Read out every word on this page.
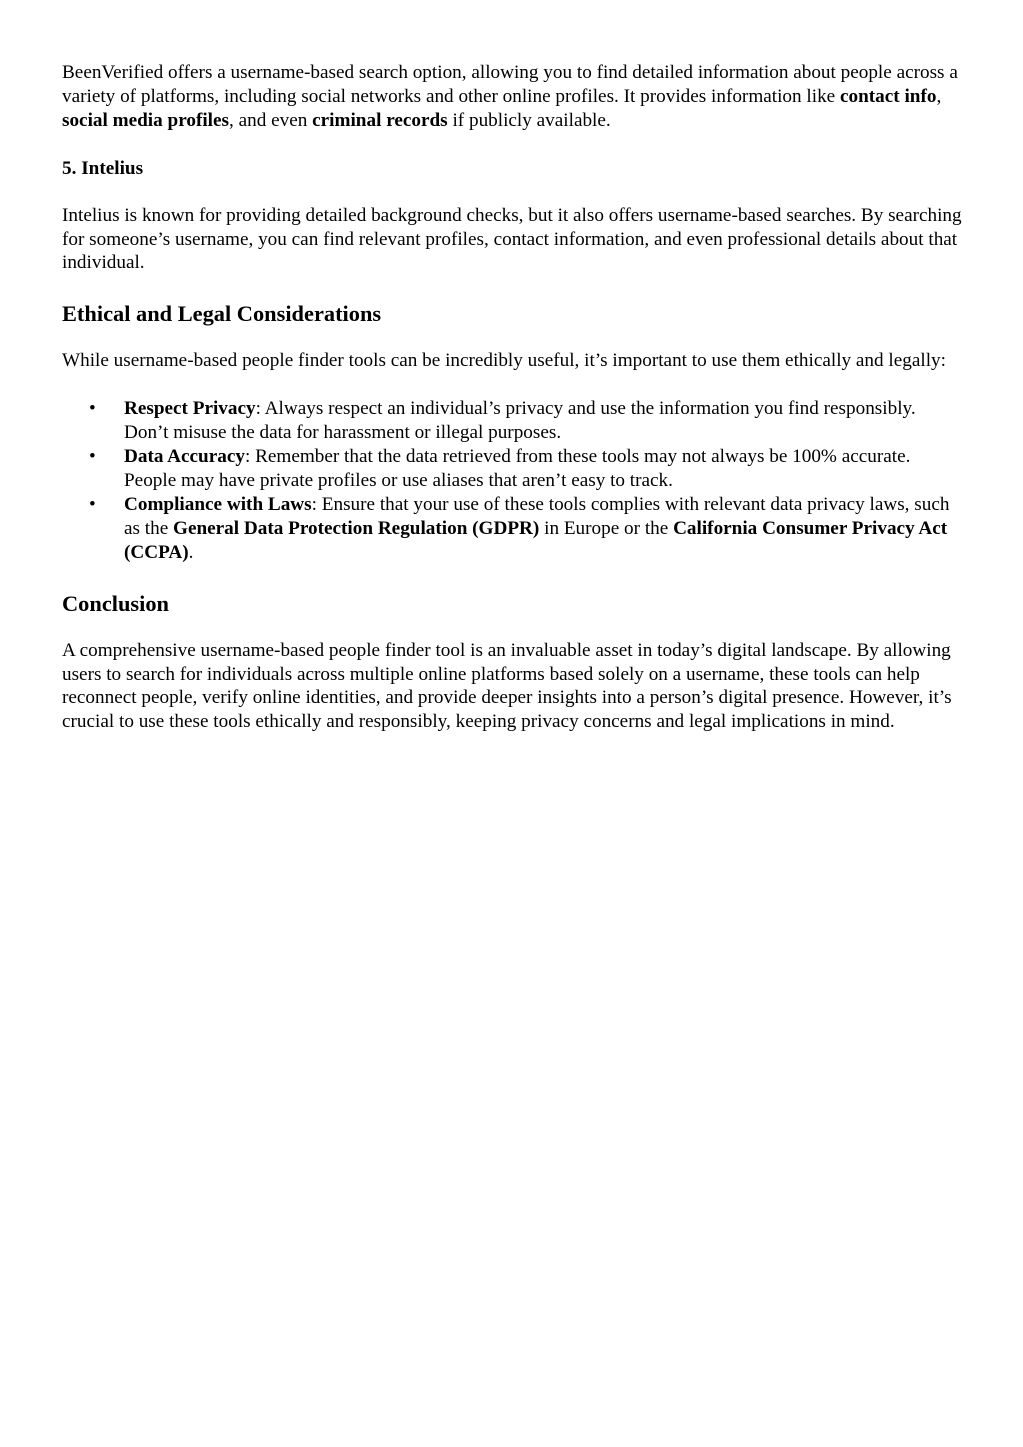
BeenVerified offers a username-based search option, allowing you to find detailed information about people across a variety of platforms, including social networks and other online profiles. It provides information like contact info, social media profiles, and even criminal records if publicly available.

5. Intelius

Intelius is known for providing detailed background checks, but it also offers username-based searches. By searching for someone’s username, you can find relevant profiles, contact information, and even professional details about that individual.

Ethical and Legal Considerations

While username-based people finder tools can be incredibly useful, it’s important to use them ethically and legally:

• Respect Privacy: Always respect an individual’s privacy and use the information you find responsibly. Don’t misuse the data for harassment or illegal purposes.
• Data Accuracy: Remember that the data retrieved from these tools may not always be 100% accurate. People may have private profiles or use aliases that aren’t easy to track.
• Compliance with Laws: Ensure that your use of these tools complies with relevant data privacy laws, such as the General Data Protection Regulation (GDPR) in Europe or the California Consumer Privacy Act (CCPA).
Conclusion

A comprehensive username-based people finder tool is an invaluable asset in today’s digital landscape. By allowing users to search for individuals across multiple online platforms based solely on a username, these tools can help reconnect people, verify online identities, and provide deeper insights into a person’s digital presence. However, it’s crucial to use these tools ethically and responsibly, keeping privacy concerns and legal implications in mind.
